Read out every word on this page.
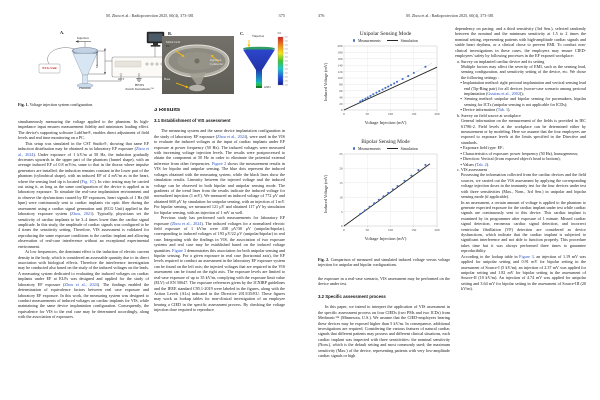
M. Zhou et al.: Radioprotection 2025, 60(4), 373-381	375
A.
Injection
ECG Unit
Phantom
Measurement
OUT	IN
HF2IS
Zurich Instruments™
PC
B.
Metal Grid
Injection Connector
Base
C.
V̄injection
GND
mV
Fig. 1. Voltage injection system configuration.

simultaneously measuring the voltage applied to the phantom. Its high-impedance input ensures measurement fidelity and minimizes loading effect. The device's supporting software LabOne®, enables direct adjustment of field levels and real time monitoring on a PC.

This setup was simulated in the CST Studio®, showing that same EF induction distribution may be obtained as in laboratory EF exposure (Zhou et al., 2024). Under exposure of 1 kV/m at 50 Hz, the induction gradually decreases upwards in the upper part of the phantom (funnel shape), with an average induced EF of 0.8 mV/m, same to that in the thorax where impulse generators are installed; the induction remains constant in the lower part of the phantom (cylindrical shape), with an induced EF of 4 mV/m as in the heart, where the sensing lead tip is located (Fig. 1C). In vitro testing may be carried out using it, as long as the same configuration of the device is applied as in laboratory exposure. To simulate the real-case implantation environment and to observe the dysfunctions caused by EF exposures, heart signals of 1 Hz (60 bpm) were continuously sent to cardiac implants via optic fiber during the assessment using a cardiac signal generation unit (ECG Unit) applied in the laboratory exposure system (Zhou, 2021). Typically, physicians set the sensitivity of cardiac implants to be 3–4 times lower than the cardiac signal amplitude. In this study, the amplitude of cardiac signals was configured to be 4 times the sensitivity setting. Therefore, VIS assessment is validated for reproducing the same exposure conditions to the cardiac implant and allowing observation of real-case interference without an exceptional experimental environment.

At low frequencies, the dominant effect is the induction of electric current density in the body, which is considered an assessable quantity due to its direct association with biological effects. Therefore the interference investigation may be conducted also based on the study of the induced voltages on the leads. A measuring system dedicated to evaluating the induced voltages on cardiac implants under EF at ELFs was designed and applied for the study of laboratory EF exposure (Zhou et al., 2024). The findings enabled the determination of equivalence factors between real case exposure and laboratory EF exposure. In this work, the measuring system was designed to conduct measurements of induced voltages on cardiac implants for VIS, while maintaining the same device implantation configuration. Consequently, the equivalence for VIS to the real case may be determined accordingly, along with the association of exposures.

3 Results
3.1 Establishment of VIS assessment

The measuring system and the same device implantation configuration in the study of laboratory EF exposure (Zhou et al., 2024), were used in the VIS to evaluate the induced voltages at the input of cardiac implants under EF exposure at power frequency (50 Hz). The induced voltages were measured with increasing voltage injection levels. The results were postprocessed to obtain the component at 50 Hz in order to eliminate the potential external inference from other frequencies. Figure 2 shows the measurement results in VIS for bipolar and unipolar sensing. The blue dots represent the induced voltages obtained with the measuring system, while the black lines show the simulation results. Linearity between the injected voltage and the induced voltage can be observed in both bipolar and unipolar sensing mode. The gradients of the trend lines from the results indicate the induced voltage for normalized injection (1 mV). We measured an induced voltage of 772 μV and obtained 668 μV by simulation for unipolar sensing, with an injection of 1 mV. For bipolar sensing, we measured 121 μV and obtained 117 μV by simulation for bipolar sensing, with an injection of 1 mV as well.

Previous study has performed such measurements for laboratory EF exposure (Zhou et al., 2024). The induced voltages for a normalized electric field exposure of 1 kV/m were 438 μV/30 μV (unipolar/bipolar), corresponding to induced voltages of 193 μV/22 μV (unipolar/bipolar) in real case. Integrating with the findings in VIS, the association of two exposure systems and real case may be established based on the induced voltage quantities. Figure 3 demonstrates this association for both unipolar sensing and bipolar sensing. For a given exposure in real case (horizontal axis), the EF levels required to conduct an assessment in the laboratory EF exposure system can be found on the left axis; the injected voltages that are required in the VIS assessment can be found on the right axis. The exposure levels are limited to real-case exposure of up to 35 kV/m, complying with the exposure limit value (ELV) of EN 50647. The exposure references given by the ICNIRP guidelines and the IEEE standard C95.1-2019 were labeled in the figures, along with the Action Levels (ALs) indicated in the Directive 2013/35/EU. These figures may work as lookup tables for non-clinical investigation of an employee bearing a CIED in the specific assessment process. By checking the voltage injection dose required to reproduce

376	M. Zhou et al.: Radioprotection 2025, 60(4), 373-381
Unipolar Sensing Mode
Measurements	Simulation
Induced Voltage (mV)
0
20
40
60
80
100
120
140
160
180
200
0	50	100	150	200
Voltage Injection (mV)
Bipolar Sensing Mode
Measurements	Simulation
Induced Voltage (mV)
0
5
10
15
20
25
0	50	100	150	200
Voltage Injection (mV)
Fig. 2. Comparison of measured and simulated induced voltage versus voltage injection for unipolar and bipolar configurations.

the exposure in a real-case scenario, VIS assessment may be performed on the device under test.

3.2 Specific assessment process

In this paper, we intend to interpret the application of VIS assessment in the specific assessment process on four CIEDs (two PMs and two ICDs) from Medtronic™ (Minnesota, U.S.). We assume that the CIED-employees bearing these devices may be exposed higher than 5 kV/m. In consequence, additional investigations are required. Considering the various features of natural cardiac signals that different patients may possess and different clinical situations, each cardiac implant was inspected with three sensitivities: the nominal sensitivity (Nom.), which is the default setting and most commonly used; the maximum sensitivity (Max.) of the device, representing patients with very low-amplitude cardiac signals or high

dependency on pacing; and a third sensitivity (3rd Sen.), selected randomly between the nominal and the minimum sensitivity at 1.5 to 2 times the nominal setting, representing patients with high-amplitude cardiac signals and stable heart rhythms, or a clinical chose to prevent EMI. To conduct non-clinical investigations in these cases, the employers may ensure CIED-employees' safety by following processes in the EF exposed workplace:

a. Survey on implanted cardiac device and its setting

Multiple factors may affect the severity of EMI, such as the sensing lead, sensing configuration, and sensitivity setting of the device, etc. We chose the following settings :

▪ Implantation method: right pectoral implantation and vertical sensing lead end (Tip-Ring pair) for all devices (worse-case scenario among pectoral implantation (Gustrau et al., 2002));

▪ Sensing method: unipolar and bipolar sensing for pacemakers, bipolar sensing for ICTs (unipolar sensing is not applicable for ICDs);

▪ Device information (Tab. 1).

b. Survey on field source at workplace

General information on the measurement of the fields is provided in IEC 61786-2. Field levels at the workplace can be determined either by measurement or by modeling. Here we assume that the four employees are exposed to exposure levels at the limits specified in the Directive and standards.

▪ Exposure field type: EF;

▪ Characteristics of exposure: power frequency (50 Hz), homogeneous;

▪ Direction: Vertical (from exposed object's head to bottom);

▪ Values (Tab. 2).

c. VIS assessment

Possessing the information collected from the cardiac devices and the field sources, we carried out the VIS assessment by applying the corresponding voltage injection doses in the immunity test for the four devices under test with three sensitivities (Max., Nom., 3rd Sen.) in unipolar and bipolar sensing mode (if applicable).

In an assessment, a certain amount of voltage is applied to the phantom to generate expected exposure for the cardiac implant under test while cardiac signals are continuously sent to this device. This cardiac implant is examined by its programmer after exposure of 1 minute. Missed cardiac signal detection, erroneous cardiac signal detection, and incorrect ventricular fibrillation (VF) detection are considered as device dysfunctions, which indicate that the cardiac implant is subjected to significant interference and not able to function properly. This procedure takes time but it was always performed three times to guarantee reproducibility.

According to the lookup table in Figure 3, an injection of 1.19 mV was applied for unipolar setting and 0.91 mV for bipolar setting in the assessment of Source-I (5 kV/m); an injection of 2.37 mV was applied for unipolar setting and 1.82 mV for bipolar setting in the assessment of Source-II (10 kV/m). An injection of 4.74 mV was applied for unipolar setting and 3.64 mV for bipolar setting in the assessment of Source-III (20 kV/m).
